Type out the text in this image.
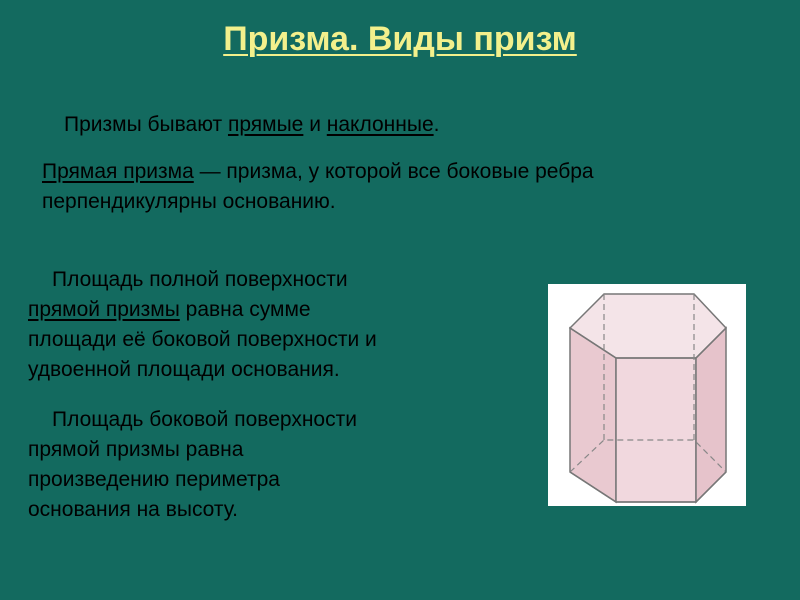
Призма. Виды призм
Призмы бывают прямые и наклонные.
Прямая призма — призма, у которой все боковые ребра
перпендикулярны основанию.
Площадь полной поверхности
прямой призмы равна сумме
площади её боковой поверхности и
удвоенной площади основания.
Площадь боковой поверхности
прямой призмы равна
произведению периметра
основания на высоту.
